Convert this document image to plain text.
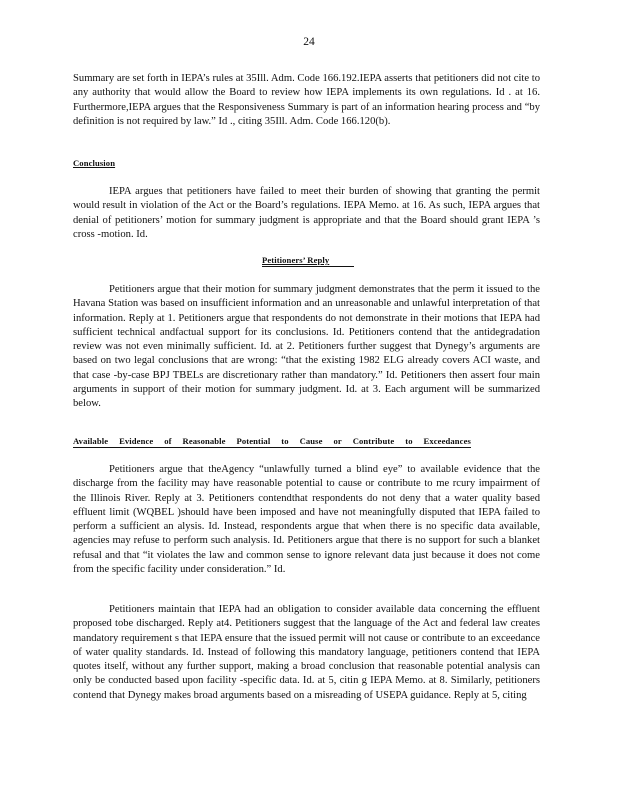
24
Summary are set forth in IEPA’s rules at 35Ill. Adm. Code 166.192.IEPA asserts that petitioners did not cite to any authority that would allow the Board to review how IEPA implements its own regulations. Id . at 16. Furthermore,IEPA argues that the Responsiveness Summary is part of an information hearing process and “by definition is not required by law.” Id ., citing 35Ill. Adm. Code 166.120(b).
Conclusion
IEPA argues that petitioners have failed to meet their burden of showing that granting the permit would result in violation of the Act or the Board’s regulations. IEPA Memo. at 16. As such, IEPA argues that denial of petitioners’ motion for summary judgment is appropriate and that the Board should grant IEPA ’s cross -motion. Id.
Petitioners’ Reply
Petitioners argue that their motion for summary judgment demonstrates that the perm it issued to the Havana Station was based on insufficient information and an unreasonable and unlawful interpretation of that information. Reply at 1. Petitioners argue that respondents do not demonstrate in their motions that IEPA had sufficient technical andfactual support for its conclusions. Id. Petitioners contend that the antidegradation review was not even minimally sufficient. Id. at 2. Petitioners further suggest that Dynegy’s arguments are based on two legal conclusions that are wrong: “that the existing 1982 ELG already covers ACI waste, and that case -by-case BPJ TBELs are discretionary rather than mandatory.” Id. Petitioners then assert four main arguments in support of their motion for summary judgment. Id. at 3. Each argument will be summarized below.
Available Evidence of Reasonable Potential to Cause or Contribute to Exceedances
Petitioners argue that theAgency “unlawfully turned a blind eye” to available evidence that the discharge from the facility may have reasonable potential to cause or contribute to me rcury impairment of the Illinois River. Reply at 3. Petitioners contendthat respondents do not deny that a water quality based effluent limit (WQBEL )should have been imposed and have not meaningfully disputed that IEPA failed to perform a sufficient an alysis. Id. Instead, respondents argue that when there is no specific data available, agencies may refuse to perform such analysis. Id. Petitioners argue that there is no support for such a blanket refusal and that “it violates the law and common sense to ignore relevant data just because it does not come from the specific facility under consideration.” Id.
Petitioners maintain that IEPA had an obligation to consider available data concerning the effluent proposed tobe discharged. Reply at4. Petitioners suggest that the language of the Act and federal law creates mandatory requirement s that IEPA ensure that the issued permit will not cause or contribute to an exceedance of water quality standards. Id. Instead of following this mandatory language, petitioners contend that IEPA quotes itself, without any further support, making a broad conclusion that reasonable potential analysis can only be conducted based upon facility -specific data. Id. at 5, citin g IEPA Memo. at 8. Similarly, petitioners contend that Dynegy makes broad arguments based on a misreading of USEPA guidance. Reply at 5, citing
